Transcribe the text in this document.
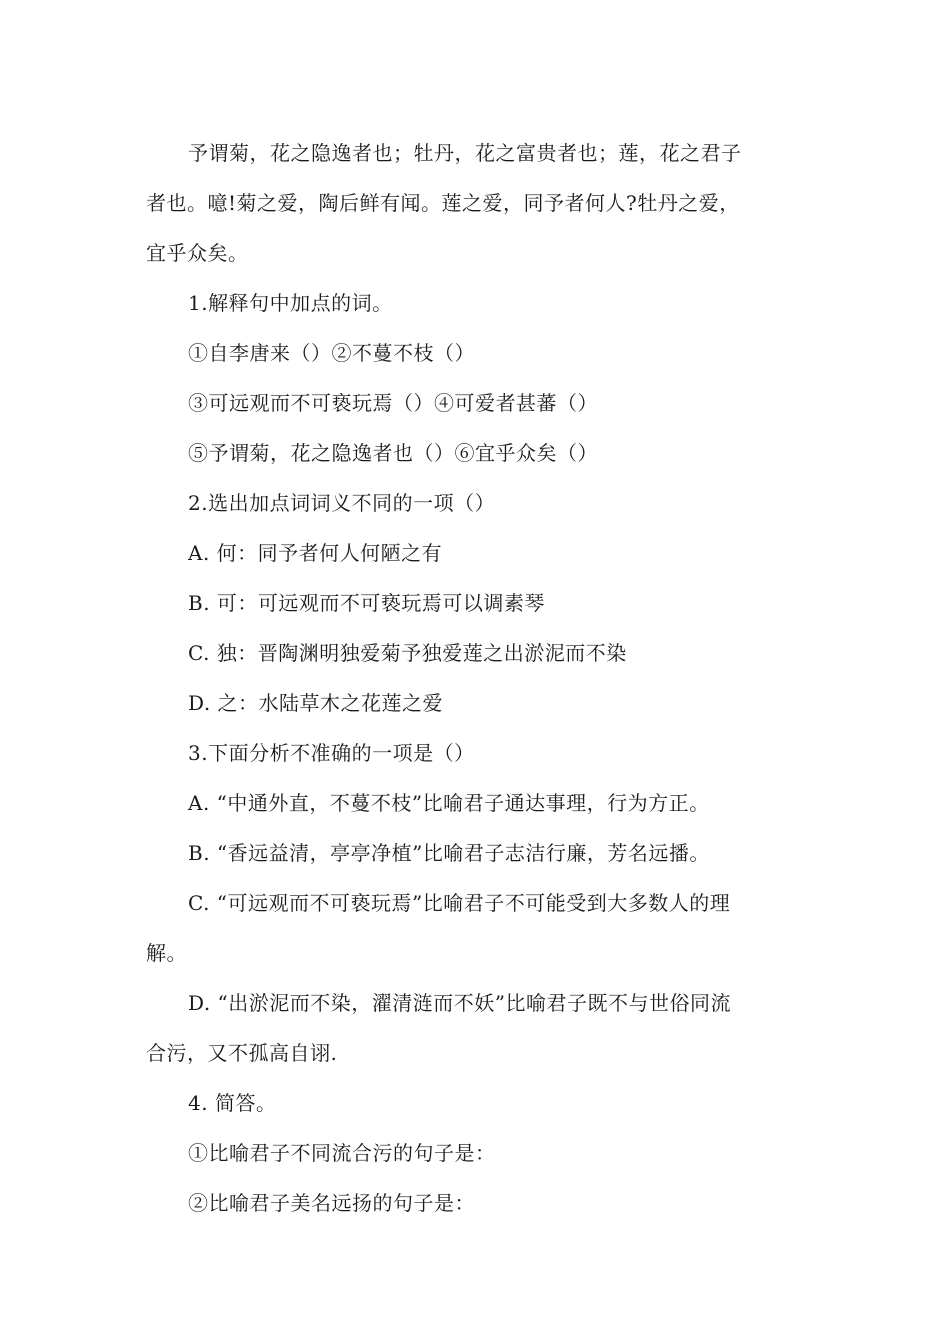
予谓菊，花之隐逸者也；牡丹，花之富贵者也；莲，花之君子
者也。噫!菊之爱，陶后鲜有闻。莲之爱，同予者何人?牡丹之爱，
宜乎众矣。
1.解释句中加点的词。
①自李唐来（）②不蔓不枝（）
③可远观而不可亵玩焉（）④可爱者甚蕃（）
⑤予谓菊，花之隐逸者也（）⑥宜乎众矣（）
2.选出加点词词义不同的一项（）
A. 何：同予者何人何陋之有
B. 可：可远观而不可亵玩焉可以调素琴
C. 独：晋陶渊明独爱菊予独爱莲之出淤泥而不染
D. 之：水陆草木之花莲之爱
3.下面分析不准确的一项是（）
A. “中通外直，不蔓不枝”比喻君子通达事理，行为方正。
B. “香远益清，亭亭净植”比喻君子志洁行廉，芳名远播。
C. “可远观而不可亵玩焉”比喻君子不可能受到大多数人的理
解。
D. “出淤泥而不染，濯清涟而不妖”比喻君子既不与世俗同流
合污，又不孤高自诩.
4. 简答。
①比喻君子不同流合污的句子是：
②比喻君子美名远扬的句子是：
